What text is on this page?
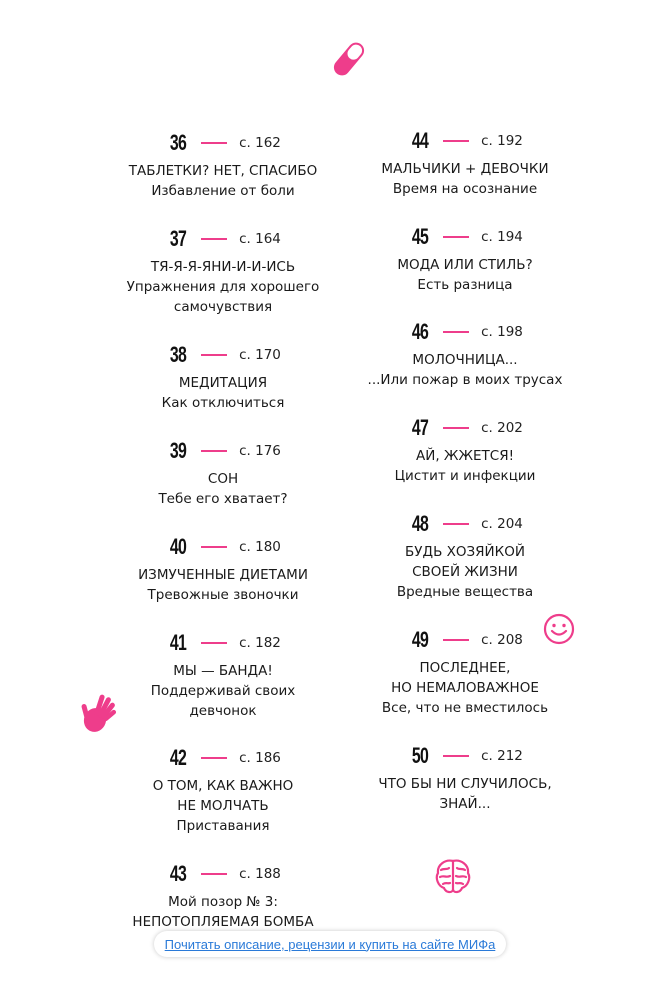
36	с. 162
ТАБЛЕТКИ? НЕТ, СПАСИБО
Избавление от боли
37	с. 164
ТЯ-Я-Я-ЯНИ-И-И-ИСЬ
Упражнения для хорошего
самочувствия
38	с. 170
МЕДИТАЦИЯ
Как отключиться
39	с. 176
СОН
Тебе его хватает?
40	с. 180
ИЗМУЧЕННЫЕ ДИЕТАМИ
Тревожные звоночки
41	с. 182
МЫ — БАНДА!
Поддерживай своих
девчонок
42	с. 186
О ТОМ, КАК ВАЖНО
НЕ МОЛЧАТЬ
Приставания
43	с. 188
Мой позор № 3:
НЕПОТОПЛЯЕМАЯ БОМБА
44	с. 192
МАЛЬЧИКИ + ДЕВОЧКИ
Время на осознание
45	с. 194
МОДА ИЛИ СТИЛЬ?
Есть разница
46	с. 198
МОЛОЧНИЦА...
...Или пожар в моих трусах
47	с. 202
АЙ, ЖЖЕТСЯ!
Цистит и инфекции
48	с. 204
БУДЬ ХОЗЯЙКОЙ
СВОЕЙ ЖИЗНИ
Вредные вещества
49	с. 208
ПОСЛЕДНЕЕ,
НО НЕМАЛОВАЖНОЕ
Все, что не вместилось
50	с. 212
ЧТО БЫ НИ СЛУЧИЛОСЬ,
ЗНАЙ...
Почитать описание, рецензии и купить на сайте МИФа
